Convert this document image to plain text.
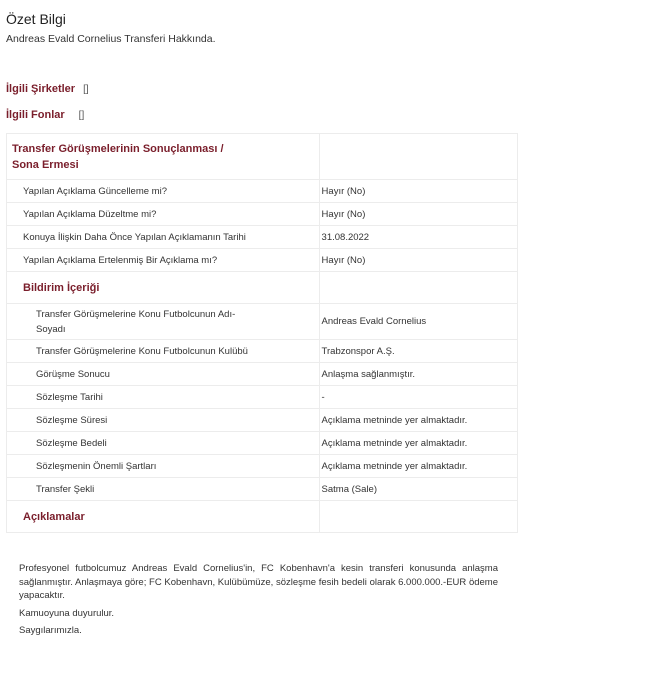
Özet Bilgi
Andreas Evald Cornelius Transferi Hakkında.
İlgili Şirketler []
İlgili Fonlar []
Transfer Görüşmelerinin Sonuçlanması / Sona Ermesi	

Yapılan Açıklama Güncelleme mi?	Hayır (No)
Yapılan Açıklama Düzeltme mi?	Hayır (No)
Konuya İlişkin Daha Önce Yapılan Açıklamanın Tarihi	31.08.2022
Yapılan Açıklama Ertelenmiş Bir Açıklama mı?	Hayır (No)
Bildirim İçeriği	

Transfer Görüşmelerine Konu Futbolcunun Adı-Soyadı	Andreas Evald Cornelius
Transfer Görüşmelerine Konu Futbolcunun Kulübü	Trabzonspor A.Ş.
Görüşme Sonucu	Anlaşma sağlanmıştır.
Sözleşme Tarihi	-
Sözleşme Süresi	Açıklama metninde yer almaktadır.
Sözleşme Bedeli	Açıklama metninde yer almaktadır.
Sözleşmenin Önemli Şartları	Açıklama metninde yer almaktadır.
Transfer Şekli	Satma (Sale)
Açıklamalar	

Profesyonel futbolcumuz Andreas Evald Cornelius'in, FC Kobenhavn'a kesin transferi konusunda anlaşma sağlanmıştır. Anlaşmaya göre; FC Kobenhavn, Kulübümüze, sözleşme fesih bedeli olarak 6.000.000.-EUR ödeme yapacaktır.

Kamuoyuna duyurulur.

Saygılarımızla.
